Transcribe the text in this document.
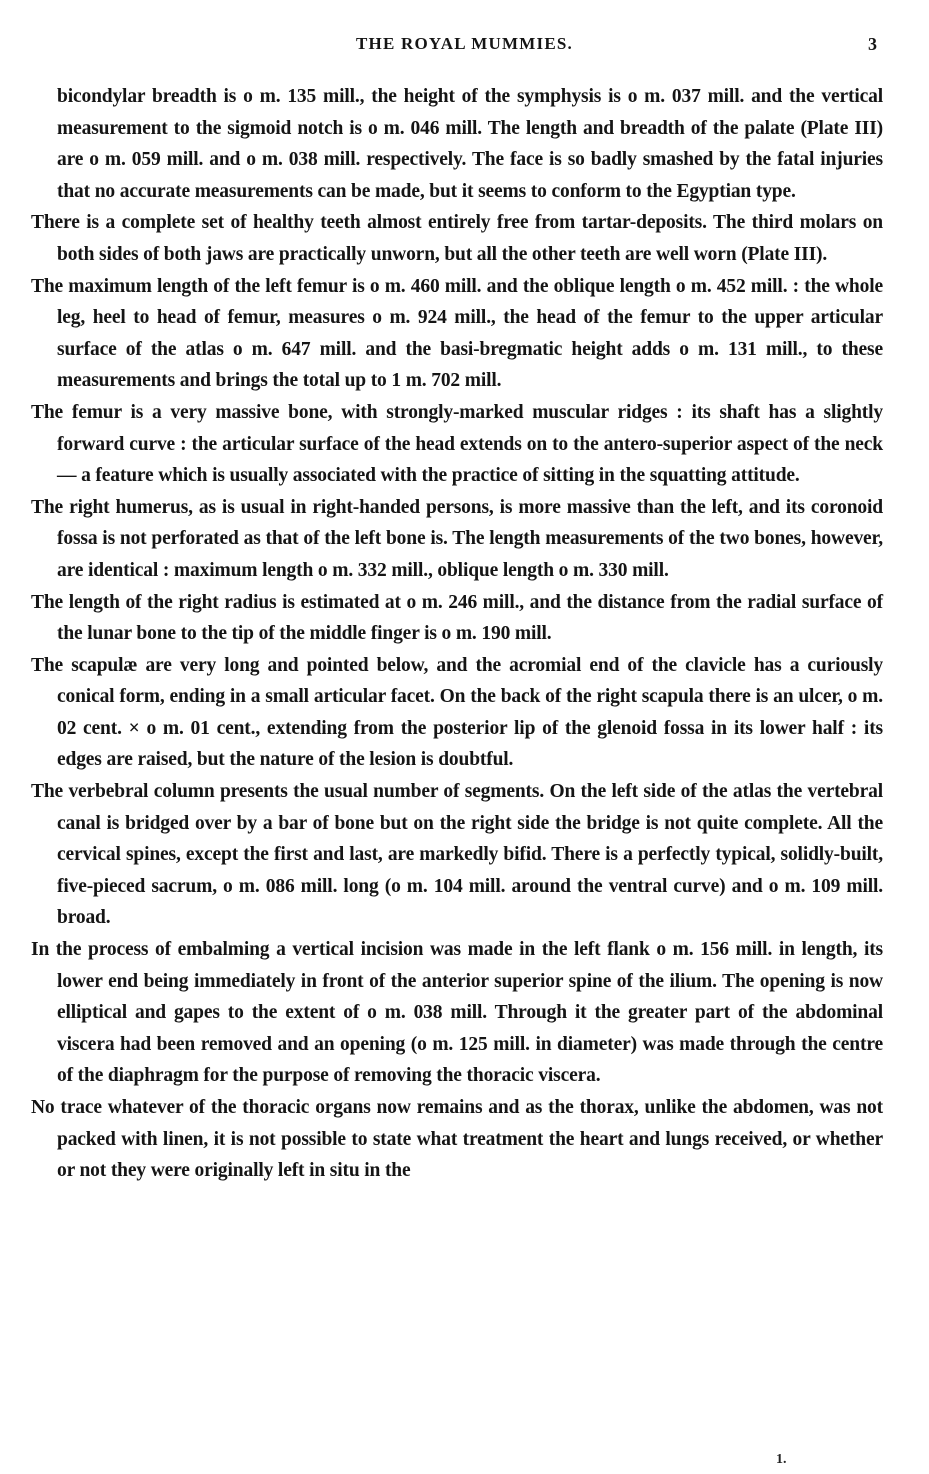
THE ROYAL MUMMIES.	3

bicondylar breadth is o m. 135 mill., the height of the symphysis is o m. 037 mill. and the vertical measurement to the sigmoid notch is o m. 046 mill. The length and breadth of the palate (Plate III) are o m. 059 mill. and o m. 038 mill. respectively. The face is so badly smashed by the fatal injuries that no accurate measurements can be made, but it seems to conform to the Egyptian type.

There is a complete set of healthy teeth almost entirely free from tartar-deposits. The third molars on both sides of both jaws are practically unworn, but all the other teeth are well worn (Plate III).

The maximum length of the left femur is o m. 460 mill. and the oblique length o m. 452 mill. : the whole leg, heel to head of femur, measures o m. 924 mill., the head of the femur to the upper articular surface of the atlas o m. 647 mill. and the basi-bregmatic height adds o m. 131 mill., to these measurements and brings the total up to 1 m. 702 mill.

The femur is a very massive bone, with strongly-marked muscular ridges : its shaft has a slightly forward curve : the articular surface of the head extends on to the antero-superior aspect of the neck — a feature which is usually associated with the practice of sitting in the squatting attitude.

The right humerus, as is usual in right-handed persons, is more massive than the left, and its coronoid fossa is not perforated as that of the left bone is. The length measurements of the two bones, however, are identical : maximum length o m. 332 mill., oblique length o m. 330 mill.

The length of the right radius is estimated at o m. 246 mill., and the distance from the radial surface of the lunar bone to the tip of the middle finger is o m. 190 mill.

The scapulæ are very long and pointed below, and the acromial end of the clavicle has a curiously conical form, ending in a small articular facet. On the back of the right scapula there is an ulcer, o m. 02 cent. × o m. 01 cent., extending from the posterior lip of the glenoid fossa in its lower half : its edges are raised, but the nature of the lesion is doubtful.

The verbebral column presents the usual number of segments. On the left side of the atlas the vertebral canal is bridged over by a bar of bone but on the right side the bridge is not quite complete. All the cervical spines, except the first and last, are markedly bifid. There is a perfectly typical, solidly-built, five-pieced sacrum, o m. 086 mill. long (o m. 104 mill. around the ventral curve) and o m. 109 mill. broad.

In the process of embalming a vertical incision was made in the left flank o m. 156 mill. in length, its lower end being immediately in front of the anterior superior spine of the ilium. The opening is now elliptical and gapes to the extent of o m. 038 mill. Through it the greater part of the abdominal viscera had been removed and an opening (o m. 125 mill. in diameter) was made through the centre of the diaphragm for the purpose of removing the thoracic viscera.

No trace whatever of the thoracic organs now remains and as the thorax, unlike the abdomen, was not packed with linen, it is not possible to state what treatment the heart and lungs received, or whether or not they were originally left in situ in the

1.
